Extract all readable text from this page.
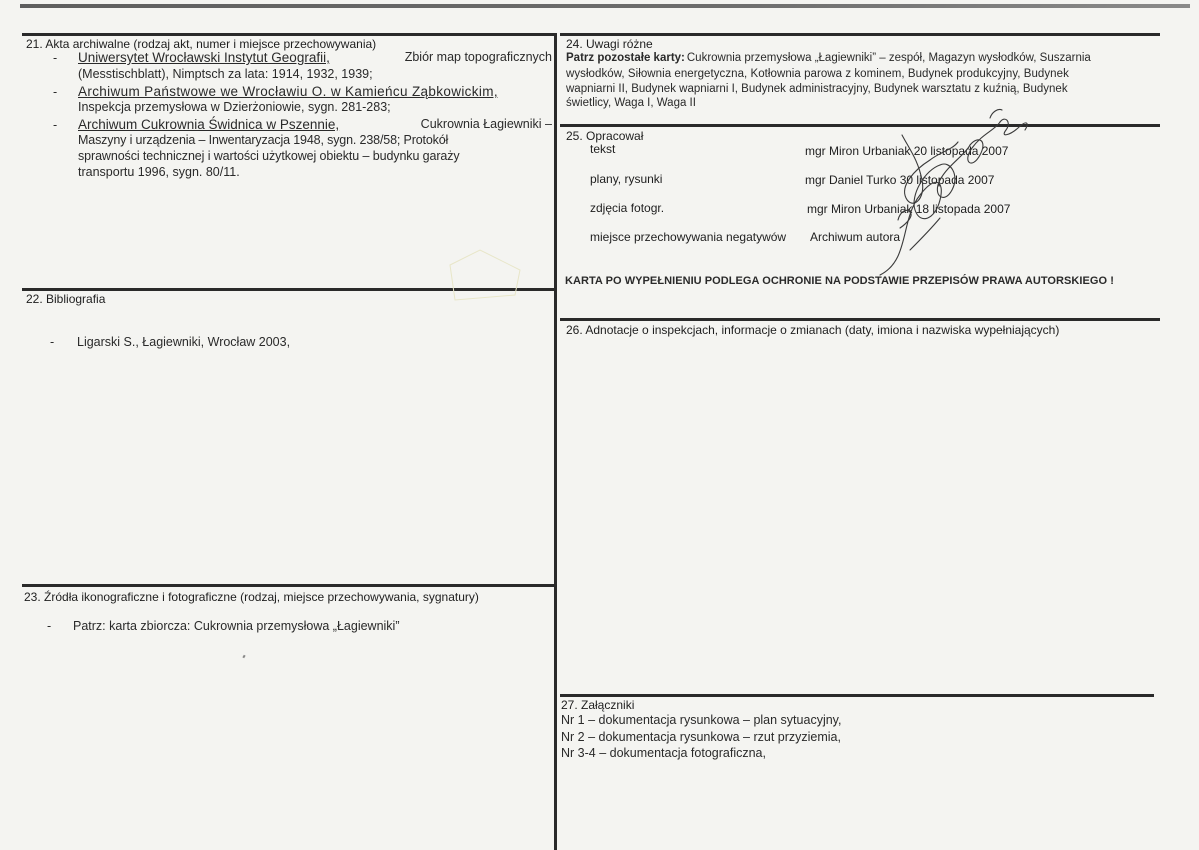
21. Akta archiwalne (rodzaj akt, numer i miejsce przechowywania)
- Uniwersytet Wrocławski Instytut Geografii,	Zbiór map topograficznych
(Messtischblatt), Nimptsch za lata: 1914, 1932, 1939;
- Archiwum Państwowe we Wrocławiu O. w Kamieńcu Ząbkowickim,
Inspekcja przemysłowa w Dzierżoniowie, sygn. 281-283;
- Archiwum Cukrownia Świdnica w Pszennie,	Cukrownia Łagiewniki –
Maszyny i urządzenia – Inwentaryzacja 1948, sygn. 238/58; Protokół
sprawności technicznej i wartości użytkowej obiektu – budynku garaży
transportu 1996, sygn. 80/11.
22. Bibliografia
- Ligarski S., Łagiewniki, Wrocław 2003,
23. Źródła ikonograficzne i fotograficzne (rodzaj, miejsce przechowywania, sygnatury)
- Patrz: karta zbiorcza: Cukrownia przemysłowa „Łagiewniki”
24. Uwagi różne
Patrz pozostałe karty: Cukrownia przemysłowa „Łagiewniki” – zespół, Magazyn wysłodków, Suszarnia
wysłodków, Siłownia energetyczna, Kotłownia parowa z kominem, Budynek produkcyjny, Budynek
wapniarni II, Budynek wapniarni I, Budynek administracyjny, Budynek warsztatu z kuźnią, Budynek
świetlicy, Waga I, Waga II
25. Opracował
tekst	mgr Miron Urbaniak 20 listopada 2007
plany, rysunki	mgr Daniel Turko 30 listopada 2007
zdjęcia fotogr.	mgr Miron Urbaniak 18 listopada 2007
miejsce przechowywania negatywów Archiwum autora
KARTA PO WYPEŁNIENIU PODLEGA OCHRONIE NA PODSTAWIE PRZEPISÓW PRAWA AUTORSKIEGO !
26. Adnotacje o inspekcjach, informacje o zmianach (daty, imiona i nazwiska wypełniających)
27. Załączniki
Nr 1 – dokumentacja rysunkowa – plan sytuacyjny,
Nr 2 – dokumentacja rysunkowa – rzut przyziemia,
Nr 3-4 – dokumentacja fotograficzna,
